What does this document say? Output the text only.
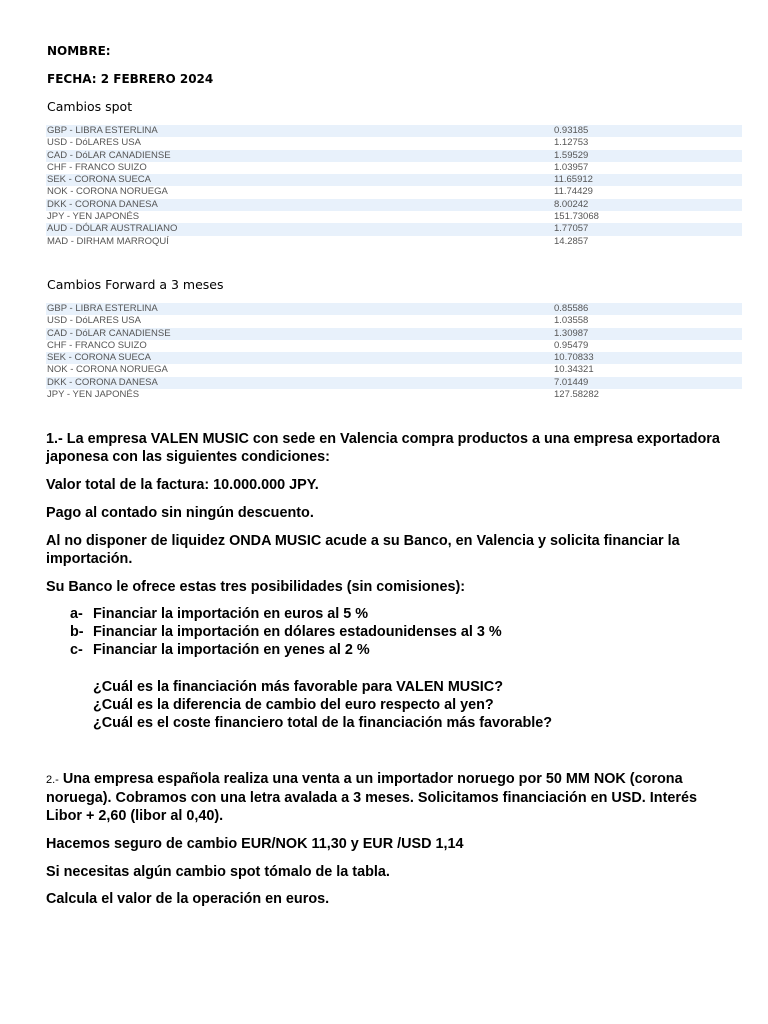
NOMBRE:
FECHA: 2 FEBRERO 2024
Cambios spot
GBP - LIBRA ESTERLINA	0.93185
USD - DóLARES USA	1.12753
CAD - DóLAR CANADIENSE	1.59529
CHF - FRANCO SUIZO	1.03957
SEK - CORONA SUECA	11.65912
NOK - CORONA NORUEGA	11.74429
DKK - CORONA DANESA	8.00242
JPY - YEN JAPONÉS	151.73068
AUD - DÓLAR AUSTRALIANO	1.77057
MAD - DIRHAM MARROQUÍ	14.2857
Cambios Forward a 3 meses
GBP - LIBRA ESTERLINA	0.85586
USD - DóLARES USA	1.03558
CAD - DóLAR CANADIENSE	1.30987
CHF - FRANCO SUIZO	0.95479
SEK - CORONA SUECA	10.70833
NOK - CORONA NORUEGA	10.34321
DKK - CORONA DANESA	7.01449
JPY - YEN JAPONÉS	127.58282
1.- La empresa VALEN MUSIC con sede en Valencia compra productos a una empresa exportadora japonesa con las siguientes condiciones:
Valor total de la factura: 10.000.000 JPY.
Pago al contado sin ningún descuento.
Al no disponer de liquidez ONDA MUSIC acude a su Banco, en Valencia y solicita financiar la importación.
Su Banco le ofrece estas tres posibilidades (sin comisiones):
a- Financiar la importación en euros al 5 %
b- Financiar la importación en dólares estadounidenses al 3 %
c- Financiar la importación en yenes al 2 %
¿Cuál es la financiación más favorable para VALEN MUSIC?
¿Cuál es la diferencia de cambio del euro respecto al yen?
¿Cuál es el coste financiero total de la financiación más favorable?
2.- Una empresa española realiza una venta a un importador noruego por 50 MM NOK (corona noruega). Cobramos con una letra avalada a 3 meses. Solicitamos financiación en USD. Interés Libor + 2,60 (libor al 0,40).
Hacemos seguro de cambio EUR/NOK 11,30 y EUR /USD 1,14
Si necesitas algún cambio spot tómalo de la tabla.
Calcula el valor de la operación en euros.
